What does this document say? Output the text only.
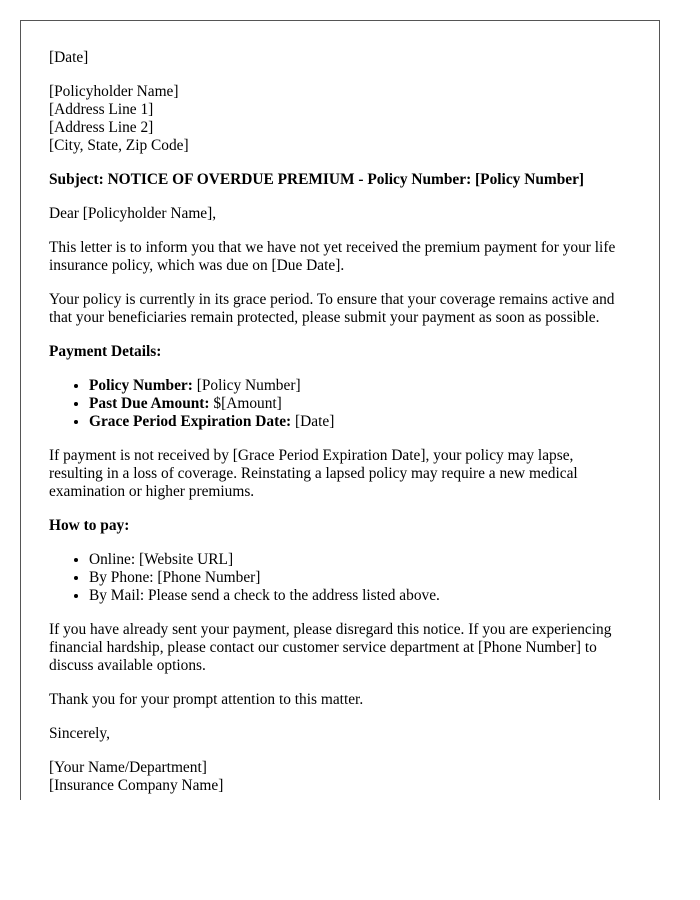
[Date]

[Policyholder Name]

[Address Line 1]

[Address Line 2]

[City, State, Zip Code]

Subject: NOTICE OF OVERDUE PREMIUM - Policy Number: [Policy Number]

Dear [Policyholder Name],

This letter is to inform you that we have not yet received the premium payment for your life insurance policy, which was due on [Due Date].

Your policy is currently in its grace period. To ensure that your coverage remains active and that your beneficiaries remain protected, please submit your payment as soon as possible.

Payment Details:

• Policy Number: [Policy Number]
• Past Due Amount: $[Amount]
• Grace Period Expiration Date: [Date]

If payment is not received by [Grace Period Expiration Date], your policy may lapse, resulting in a loss of coverage. Reinstating a lapsed policy may require a new medical examination or higher premiums.

How to pay:

• Online: [Website URL]
• By Phone: [Phone Number]
• By Mail: Please send a check to the address listed above.

If you have already sent your payment, please disregard this notice. If you are experiencing financial hardship, please contact our customer service department at [Phone Number] to discuss available options.

Thank you for your prompt attention to this matter.

Sincerely,

[Your Name/Department]

[Insurance Company Name]
